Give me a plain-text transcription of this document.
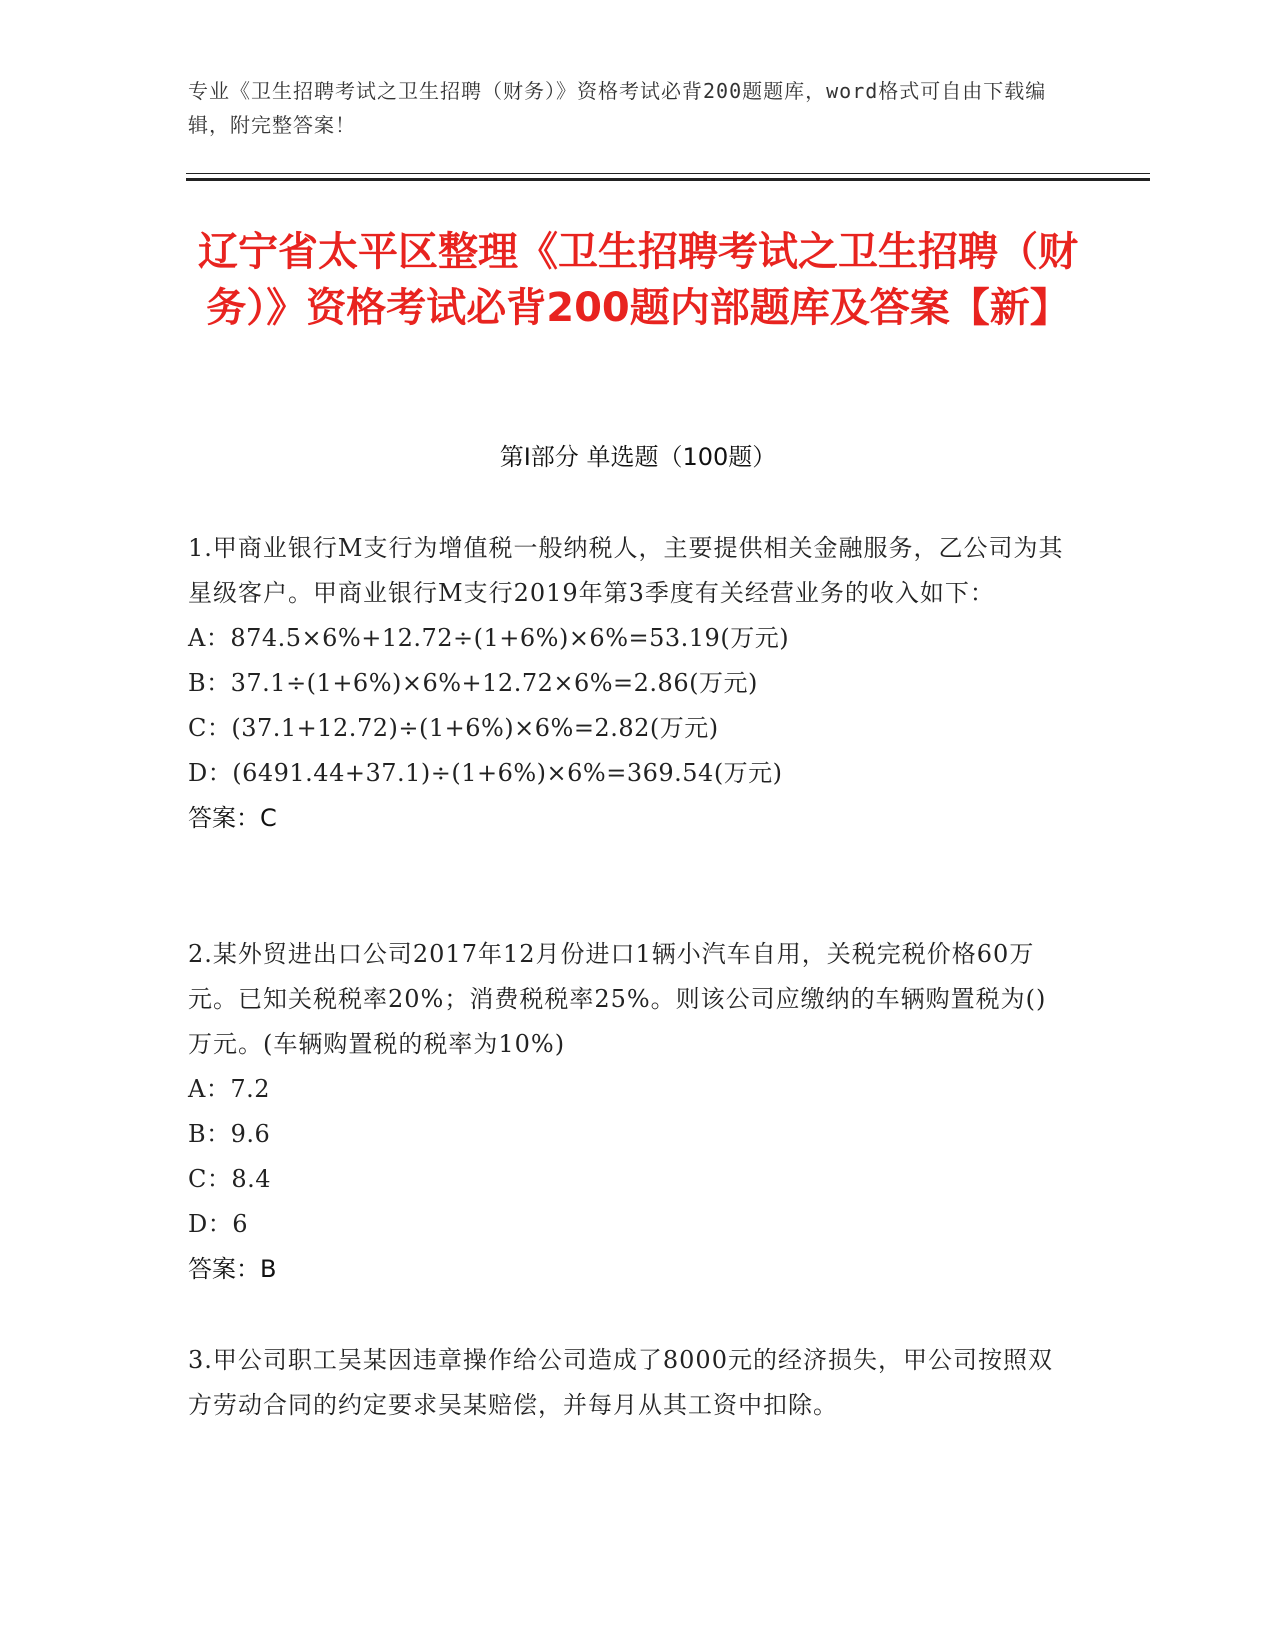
专业《卫生招聘考试之卫生招聘（财务）》资格考试必背200题题库，word格式可自由下载编辑，附完整答案！
辽宁省太平区整理《卫生招聘考试之卫生招聘（财务）》资格考试必背200题内部题库及答案【新】
第I部分 单选题（100题）

1.甲商业银行M支行为增值税一般纳税人，主要提供相关金融服务，乙公司为其星级客户。甲商业银行M支行2019年第3季度有关经营业务的收入如下：

A：874.5×6%+12.72÷(1+6%)×6%=53.19(万元)

B：37.1÷(1+6%)×6%+12.72×6%=2.86(万元)

C：(37.1+12.72)÷(1+6%)×6%=2.82(万元)

D：(6491.44+37.1)÷(1+6%)×6%=369.54(万元)

答案：C

2.某外贸进出口公司2017年12月份进口1辆小汽车自用，关税完税价格60万元。已知关税税率20%；消费税税率25%。则该公司应缴纳的车辆购置税为()万元。(车辆购置税的税率为10%)

A：7.2

B：9.6

C：8.4

D：6

答案：B

3.甲公司职工吴某因违章操作给公司造成了8000元的经济损失，甲公司按照双方劳动合同的约定要求吴某赔偿，并每月从其工资中扣除。
